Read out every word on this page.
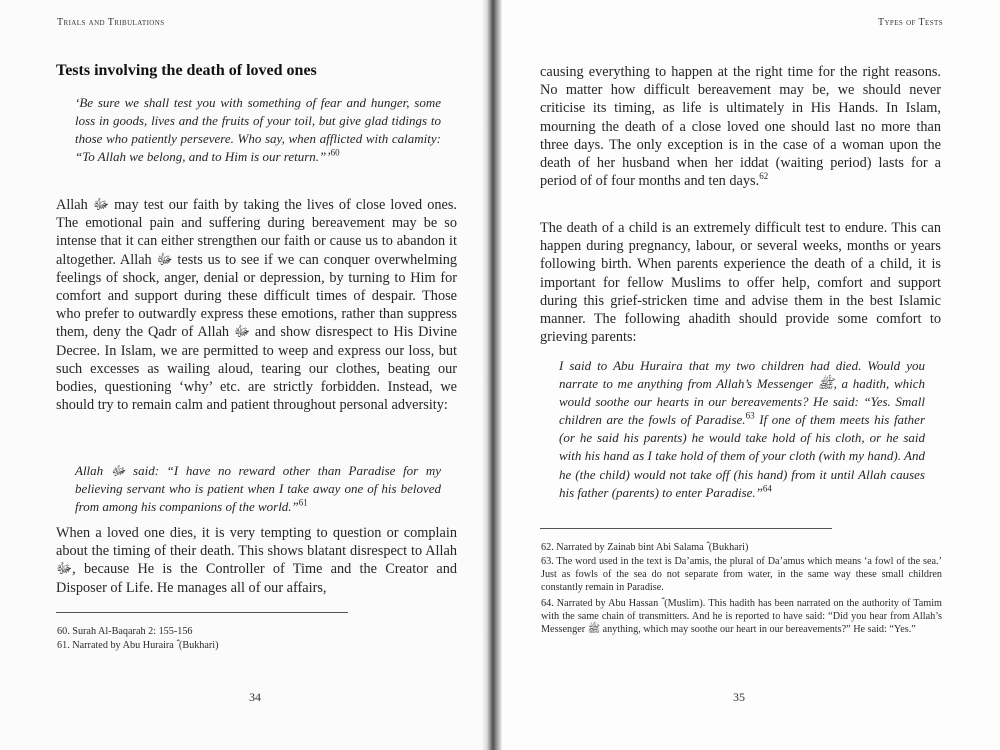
Trials and Tribulations
Tests involving the death of loved ones

‘Be sure we shall test you with something of fear and hunger, some loss in goods, lives and the fruits of your toil, but give glad tidings to those who patiently persevere. Who say, when afflicted with calamity: “To Allah we belong, and to Him is our return.”’$^{60}$

Allah ﷻ may test our faith by taking the lives of close loved ones. The emotional pain and suffering during bereavement may be so intense that it can either strengthen our faith or cause us to abandon it altogether. Allah ﷻ tests us to see if we can conquer overwhelming feelings of shock, anger, denial or depression, by turning to Him for comfort and support during these difficult times of despair. Those who prefer to outwardly express these emotions, rather than suppress them, deny the Qadr of Allah ﷻ and show disrespect to His Divine Decree. In Islam, we are permitted to weep and express our loss, but such excesses as wailing aloud, tearing our clothes, beating our bodies, questioning ‘why’ etc. are strictly forbidden. Instead, we should try to remain calm and patient throughout personal adversity:

Allah ﷻ said: “I have no reward other than Paradise for my believing servant who is patient when I take away one of his beloved from among his companions of the world.”$^{61}$

When a loved one dies, it is very tempting to question or complain about the timing of their death. This shows blatant disrespect to Allah ﷻ, because He is the Controller of Time and the Creator and Disposer of Life. He manages all of our affairs,

60. Surah Al-Baqarah 2: 155-156

61. Narrated by Abu Huraira ؓ (Bukhari)

34
Types of Tests

causing everything to happen at the right time for the right reasons. No matter how difficult bereavement may be, we should never criticise its timing, as life is ultimately in His Hands. In Islam, mourning the death of a close loved one should last no more than three days. The only exception is in the case of a woman upon the death of her husband when her iddat (waiting period) lasts for a period of of four months and ten days.$^{62}$

The death of a child is an extremely difficult test to endure. This can happen during pregnancy, labour, or several weeks, months or years following birth. When parents experience the death of a child, it is important for fellow Muslims to offer help, comfort and support during this grief-stricken time and advise them in the best Islamic manner. The following ahadith should provide some comfort to grieving parents:

I said to Abu Huraira that my two children had died. Would you narrate to me anything from Allah’s Messenger ﷺ, a hadith, which would soothe our hearts in our bereavements? He said: “Yes. Small children are the fowls of Paradise.$^{63}$ If one of them meets his father (or he said his parents) he would take hold of his cloth, or he said with his hand as I take hold of them of your cloth (with my hand). And he (the child) would not take off (his hand) from it until Allah causes his father (parents) to enter Paradise.”$^{64}$

62. Narrated by Zainab bint Abi Salama ؓ (Bukhari)

63. The word used in the text is Da’amis, the plural of Da’amus which means ‘a fowl of the sea.’ Just as fowls of the sea do not separate from water, in the same way these small children constantly remain in Paradise.

64. Narrated by Abu Hassan ؓ (Muslim). This hadith has been narrated on the authority of Tamim with the same chain of transmitters. And he is reported to have said: “Did you hear from Allah’s Messenger ﷺ anything, which may soothe our heart in our bereavements?” He said: “Yes.”

35
